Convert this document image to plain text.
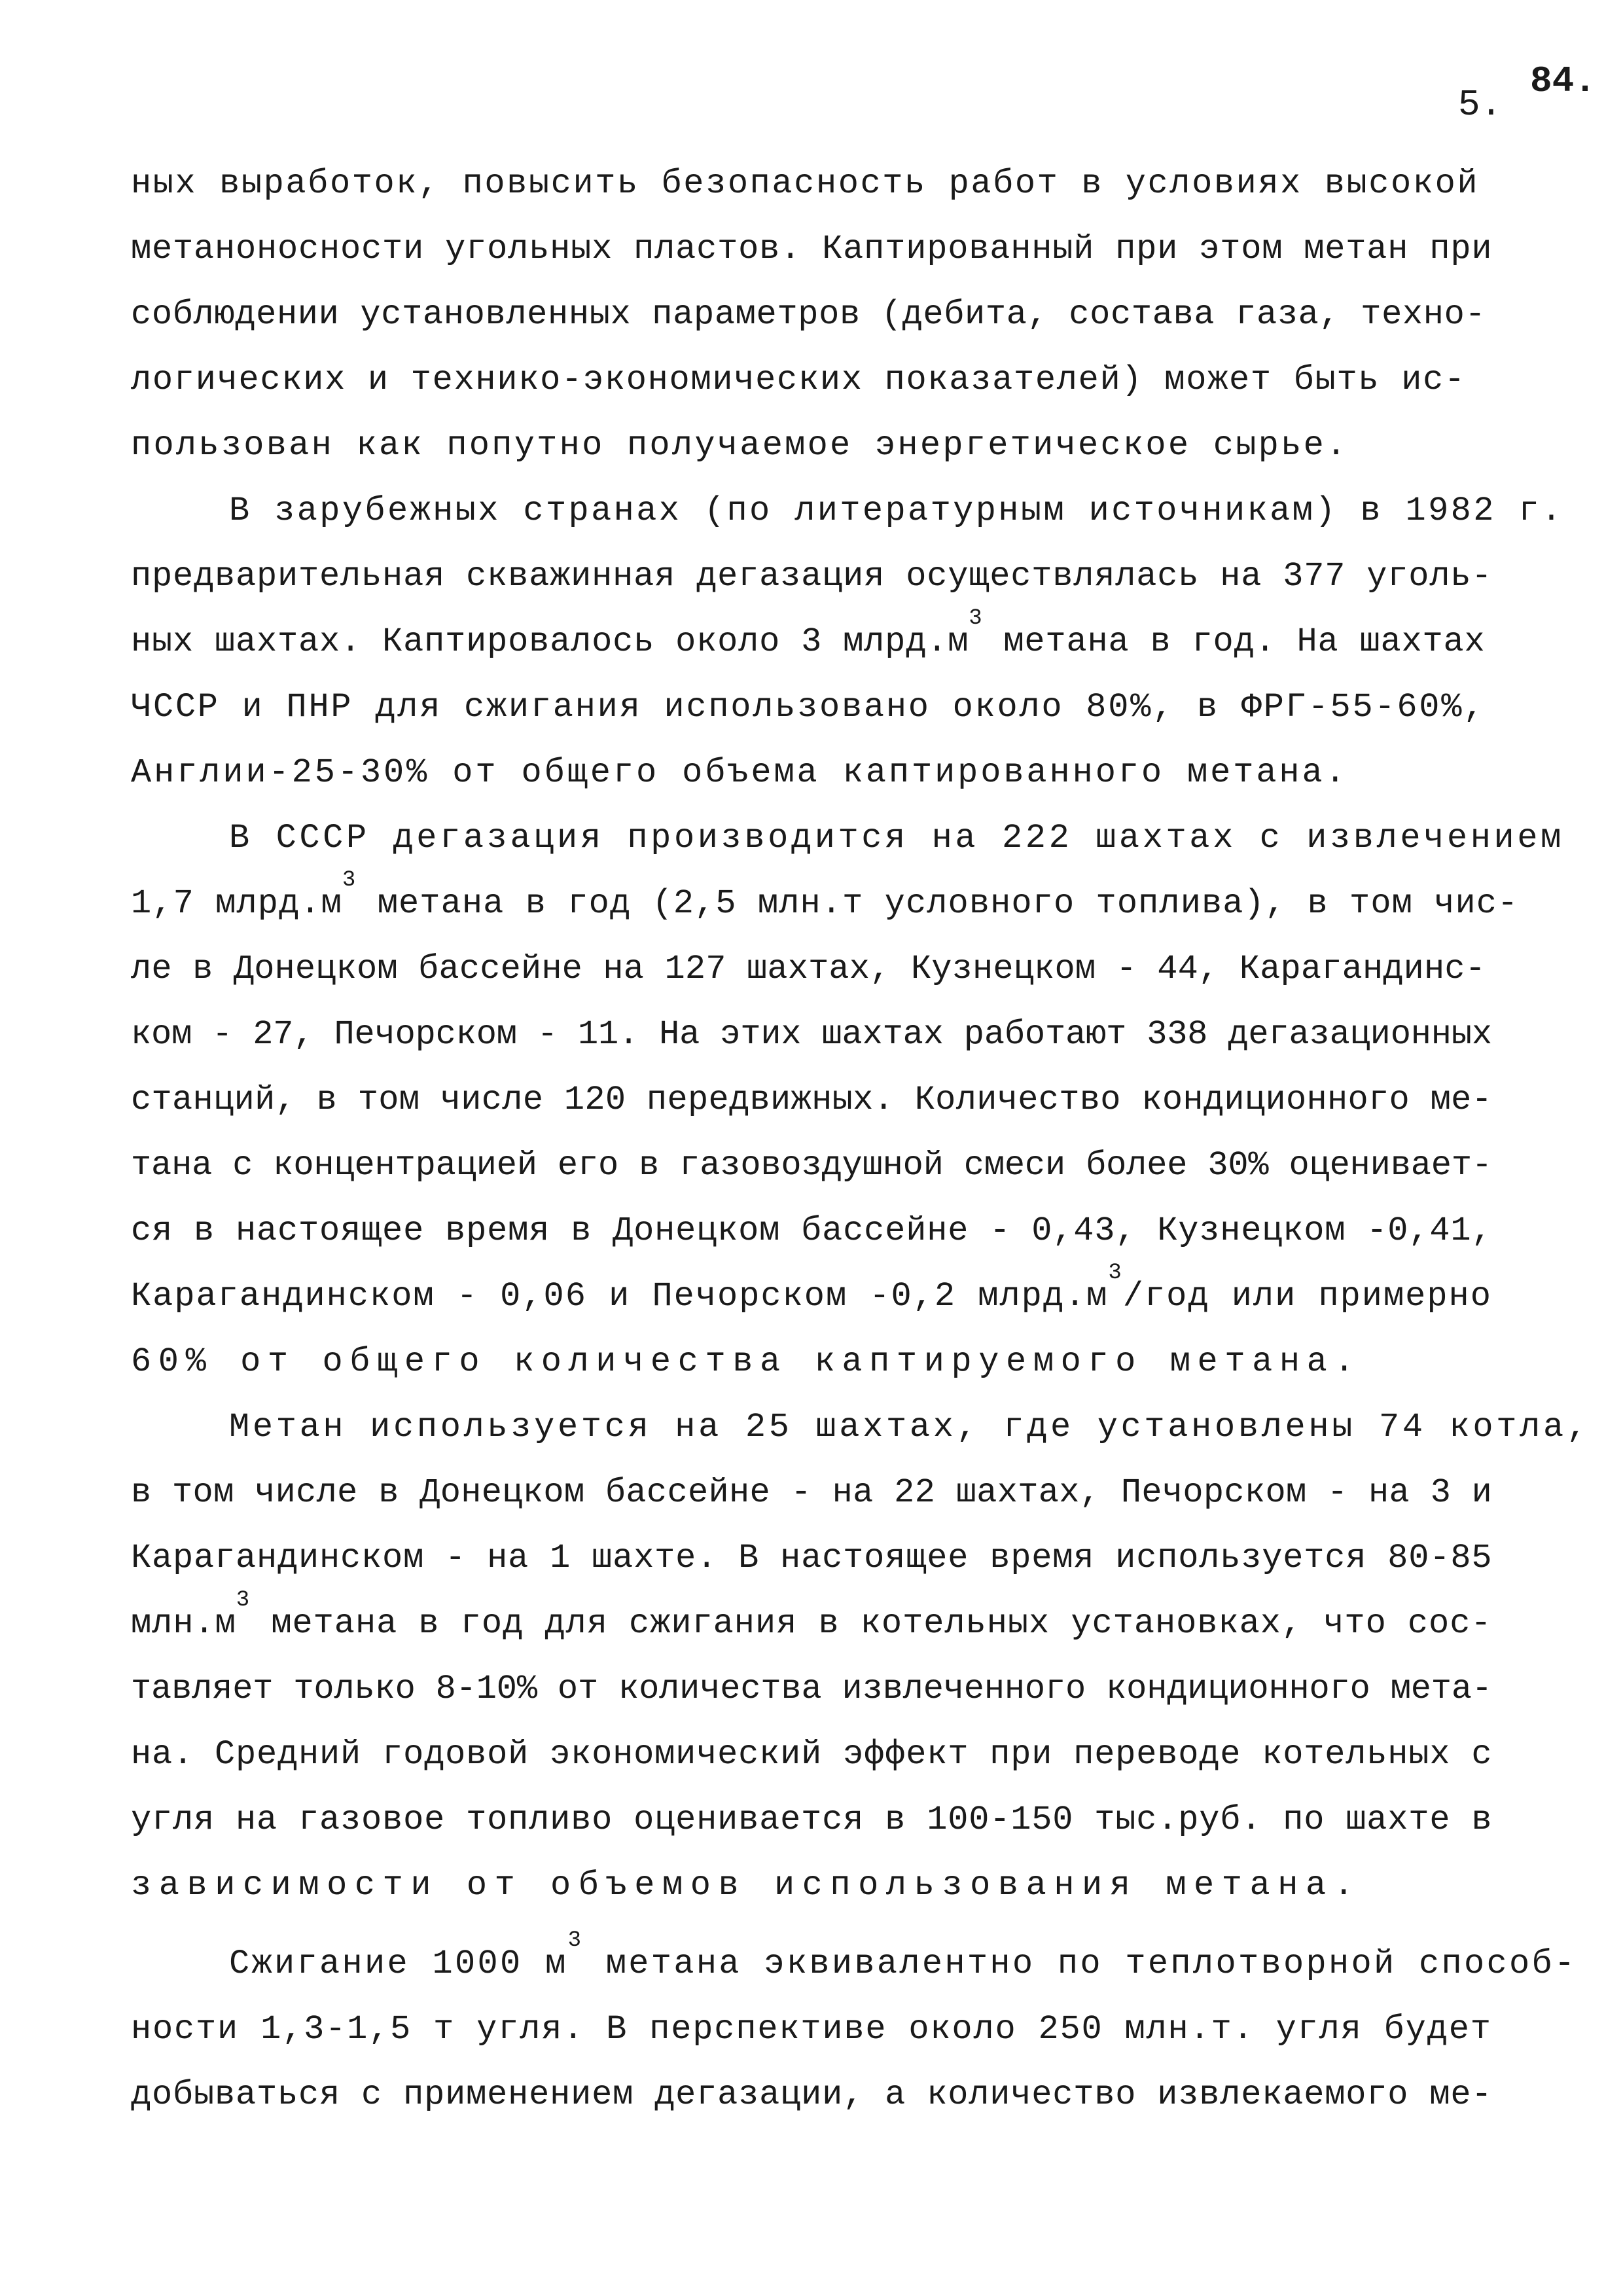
5.
84.
ных выработок, повысить безопасность работ в условиях высокой
метаноносности угольных пластов. Каптированный при этом метан при
соблюдении установленных параметров (дебита, состава газа, техно-
логических и технико-экономических показателей) может быть ис-
пользован как попутно получаемое энергетическое сырье.
В зарубежных странах (по литературным источникам) в 1982 г.
предварительная скважинная дегазация осуществлялась на 377 уголь-
ных шахтах. Каптировалось около 3 $млрд.м^3$ метана в год. На шахтах
ЧССР и ПНР для сжигания использовано около 80%, в ФРГ-55-60%,
Англии-25-30% от общего объема каптированного метана.
В СССР дегазация производится на 222 шахтах с извлечением
1,7 $млрд.м^3$ метана в год (2,5 млн.т условного топлива), в том чис-
ле в Донецком бассейне на 127 шахтах, Кузнецком - 44, Карагандинс-
ком - 27, Печорском - 11. На этих шахтах работают 338 дегазационных
станций, в том числе 120 передвижных. Количество кондиционного ме-
тана с концентрацией его в газовоздушной смеси более 30% оценивает-
ся в настоящее время в Донецком бассейне - 0,43, Кузнецком -0,41,
Карагандинском - 0,06 и Печорском -0,2 $млрд.м^3$/год или примерно
60% от общего количества каптируемого метана.
Метан используется на 25 шахтах, где установлены 74 котла,
в том числе в Донецком бассейне - на 22 шахтах, Печорском - на 3 и
Карагандинском - на 1 шахте. В настоящее время используется 80-85
$млн.м^3$ метана в год для сжигания в котельных установках, что сос-
тавляет только 8-10% от количества извлеченного кондиционного мета-
на. Средний годовой экономический эффект при переводе котельных с
угля на газовое топливо оценивается в 100-150 тыс.руб. по шахте в
зависимости от объемов использования метана.
Сжигание 1000 $м^3$ метана эквивалентно по теплотворной способ-
ности 1,3-1,5 т угля. В перспективе около 250 млн.т. угля будет
добываться с применением дегазации, а количество извлекаемого ме-
